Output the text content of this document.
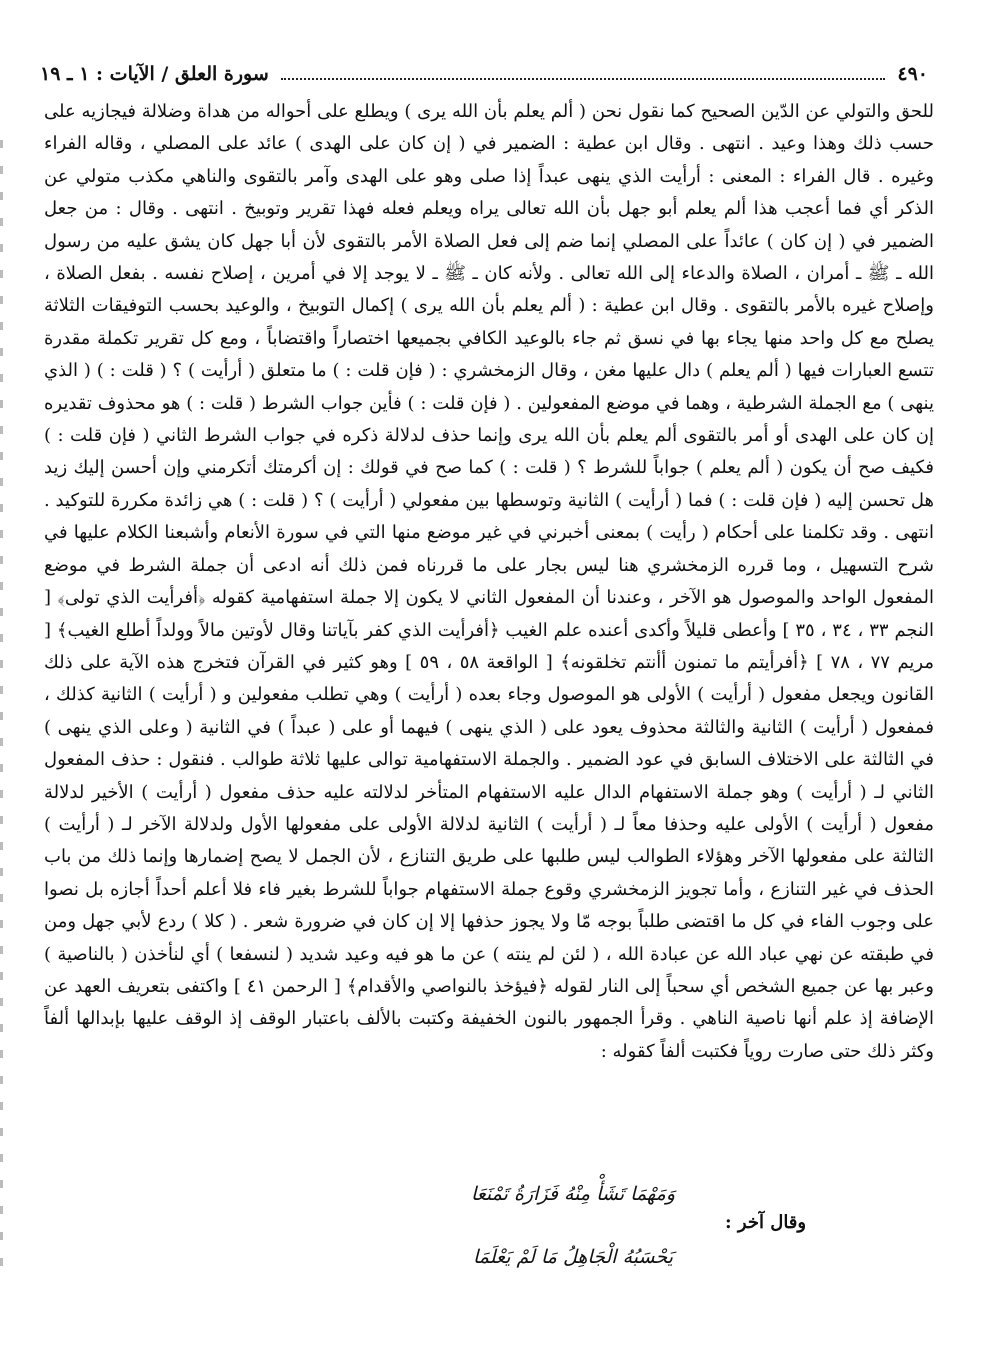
٤٩٠
سورة العلق / الآيات : ١ ـ ١٩

للحق والتولي عن الدّين الصحيح كما نقول نحن ( ألم يعلم بأن الله يرى ) ويطلع على أحواله من هداة وضلالة فيجازيه على حسب ذلك وهذا وعيد . انتهى . وقال ابن عطية : الضمير في ( إن كان على الهدى ) عائد على المصلي ، وقاله الفراء وغيره . قال الفراء : المعنى : أرأيت الذي ينهى عبداً إذا صلى وهو على الهدى وآمر بالتقوى والناهي مكذب متولي عن الذكر أي فما أعجب هذا ألم يعلم أبو جهل بأن الله تعالى يراه ويعلم فعله فهذا تقرير وتوبيخ . انتهى . وقال : من جعل الضمير في ( إن كان ) عائداً على المصلي إنما ضم إلى فعل الصلاة الأمر بالتقوى لأن أبا جهل كان يشق عليه من رسول الله ـ ﷺ ـ أمران ، الصلاة والدعاء إلى الله تعالى . ولأنه كان ـ ﷺ ـ لا يوجد إلا في أمرين ، إصلاح نفسه . بفعل الصلاة ، وإصلاح غيره بالأمر بالتقوى . وقال ابن عطية : ( ألم يعلم بأن الله يرى ) إكمال التوبيخ ، والوعيد بحسب التوفيقات الثلاثة يصلح مع كل واحد منها يجاء بها في نسق ثم جاء بالوعيد الكافي بجميعها اختصاراً واقتضاباً ، ومع كل تقرير تكملة مقدرة تتسع العبارات فيها ( ألم يعلم ) دال عليها مغن ، وقال الزمخشري : ( فإن قلت : ) ما متعلق ( أرأيت ) ؟ ( قلت : ) ( الذي ينهى ) مع الجملة الشرطية ، وهما في موضع المفعولين . ( فإن قلت : ) فأين جواب الشرط ( قلت : ) هو محذوف تقديره إن كان على الهدى أو أمر بالتقوى ألم يعلم بأن الله يرى وإنما حذف لدلالة ذكره في جواب الشرط الثاني ( فإن قلت : ) فكيف صح أن يكون ( ألم يعلم ) جواباً للشرط ؟ ( قلت : ) كما صح في قولك : إن أكرمتك أتكرمني وإن أحسن إليك زيد هل تحسن إليه ( فإن قلت : ) فما ( أرأيت ) الثانية وتوسطها بين مفعولي ( أرأيت ) ؟ ( قلت : ) هي زائدة مكررة للتوكيد . انتهى . وقد تكلمنا على أحكام ( رأيت ) بمعنى أخبرني في غير موضع منها التي في سورة الأنعام وأشبعنا الكلام عليها في شرح التسهيل ، وما قرره الزمخشري هنا ليس بجار على ما قررناه فمن ذلك أنه ادعى أن جملة الشرط في موضع المفعول الواحد والموصول هو الآخر ، وعندنا أن المفعول الثاني لا يكون إلا جملة استفهامية كقوله ﴿أفرأيت الذي تولى﴾ [ النجم ٣٣ ، ٣٤ ، ٣٥ ] وأعطى قليلاً وأكدى أعنده علم الغيب ﴿أفرأيت الذي كفر بآياتنا وقال لأوتين مالاً وولداً أطلع الغيب﴾ [ مريم ٧٧ ، ٧٨ ] ﴿أفرأيتم ما تمنون أأنتم تخلقونه﴾ [ الواقعة ٥٨ ، ٥٩ ] وهو كثير في القرآن فتخرج هذه الآية على ذلك القانون ويجعل مفعول ( أرأيت ) الأولى هو الموصول وجاء بعده ( أرأيت ) وهي تطلب مفعولين و ( أرأيت ) الثانية كذلك ، فمفعول ( أرأيت ) الثانية والثالثة محذوف يعود على ( الذي ينهى ) فيهما أو على ( عبداً ) في الثانية ( وعلى الذي ينهى ) في الثالثة على الاختلاف السابق في عود الضمير . والجملة الاستفهامية توالى عليها ثلاثة طوالب . فنقول : حذف المفعول الثاني لـ ( أرأيت ) وهو جملة الاستفهام الدال عليه الاستفهام المتأخر لدلالته عليه حذف مفعول ( أرأيت ) الأخير لدلالة مفعول ( أرأيت ) الأولى عليه وحذفا معاً لـ ( أرأيت ) الثانية لدلالة الأولى على مفعولها الأول ولدلالة الآخر لـ ( أرأيت ) الثالثة على مفعولها الآخر وهؤلاء الطوالب ليس طلبها على طريق التنازع ، لأن الجمل لا يصح إضمارها وإنما ذلك من باب الحذف في غير التنازع ، وأما تجويز الزمخشري وقوع جملة الاستفهام جواباً للشرط بغير فاء فلا أعلم أحداً أجازه بل نصوا على وجوب الفاء في كل ما اقتضى طلباً بوجه مّا ولا يجوز حذفها إلا إن كان في ضرورة شعر . ( كلا ) ردع لأبي جهل ومن في طبقته عن نهي عباد الله عن عبادة الله ، ( لئن لم ينته ) عن ما هو فيه وعيد شديد ( لنسفعا ) أي لنأخذن ( بالناصية ) وعبر بها عن جميع الشخص أي سحباً إلى النار لقوله ﴿فيؤخذ بالنواصي والأقدام﴾ [ الرحمن ٤١ ] واكتفى بتعريف العهد عن الإضافة إذ علم أنها ناصية الناهي . وقرأ الجمهور بالنون الخفيفة وكتبت بالألف باعتبار الوقف إذ الوقف عليها بإبدالها ألفاً وكثر ذلك حتى صارت روياً فكتبت ألفاً كقوله :

وَمَهْمَا تَشَأْ مِنْهُ فَزَارَةُ تَمْنَعَا
وقال آخر :
يَحْسَبُهُ الْجَاهِلُ مَا لَمْ يَعْلَمَا
